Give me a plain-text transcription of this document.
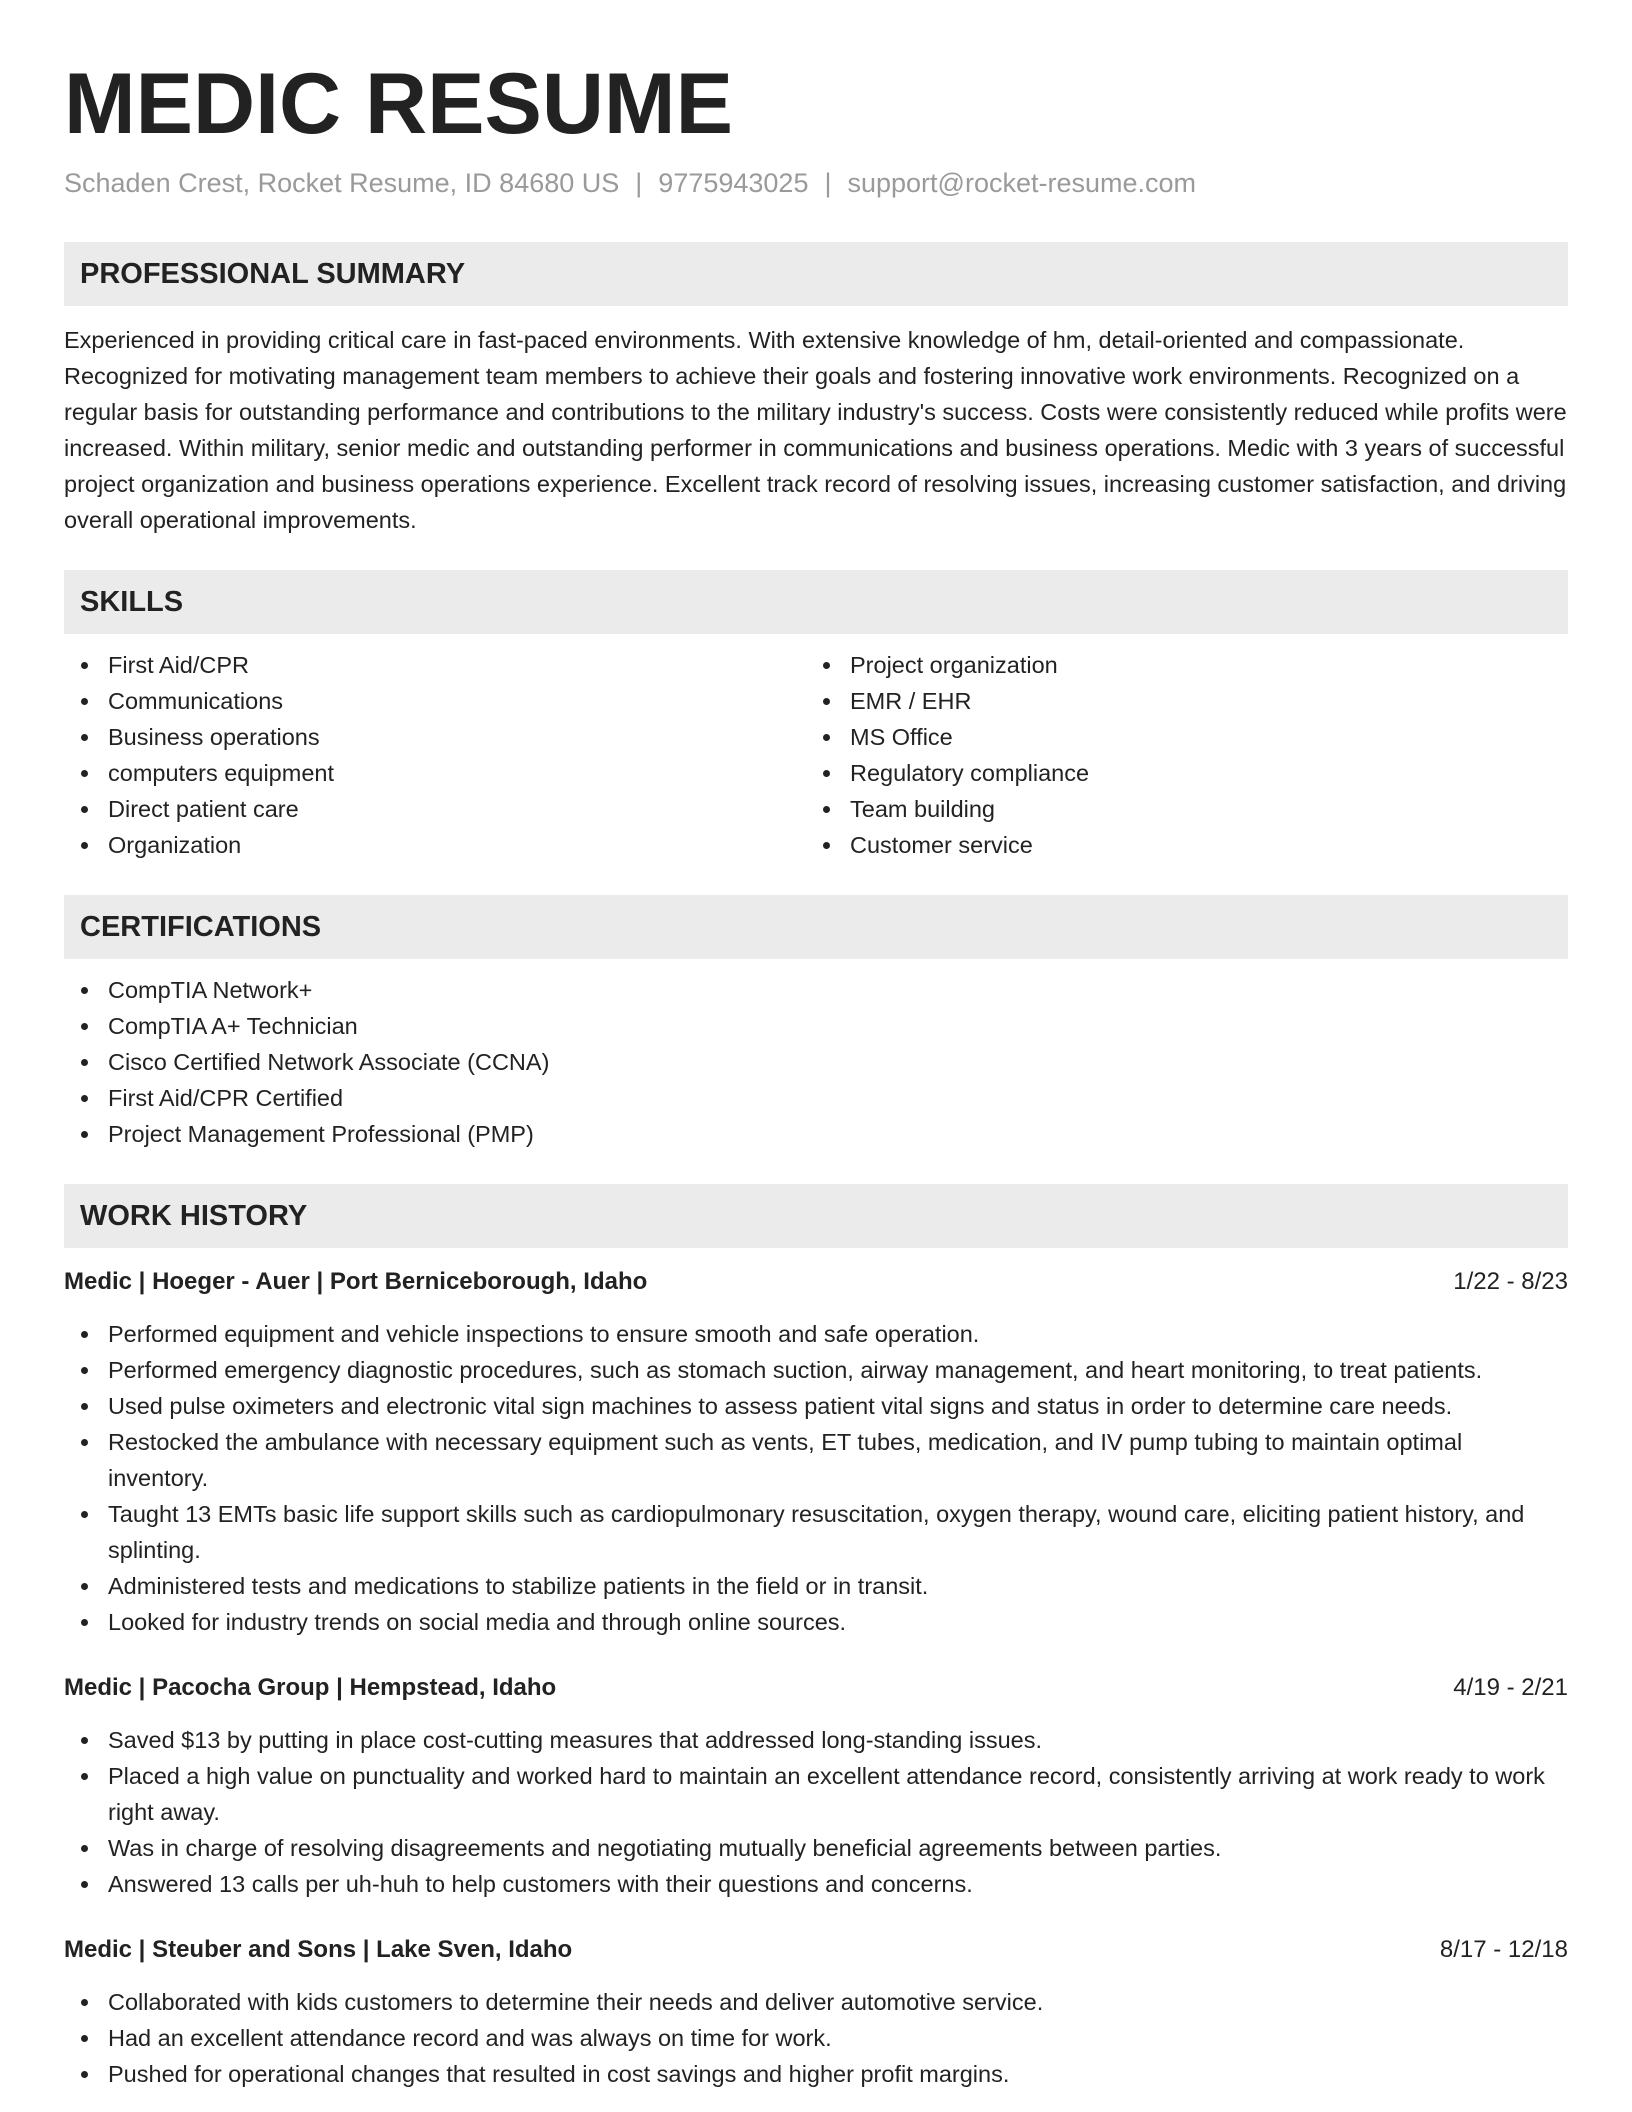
MEDIC RESUME
Schaden Crest, Rocket Resume, ID 84680 US | 9775943025 | support@rocket-resume.com
PROFESSIONAL SUMMARY

Experienced in providing critical care in fast-paced environments. With extensive knowledge of hm, detail-oriented and compassionate. Recognized for motivating management team members to achieve their goals and fostering innovative work environments. Recognized on a regular basis for outstanding performance and contributions to the military industry's success. Costs were consistently reduced while profits were increased. Within military, senior medic and outstanding performer in communications and business operations. Medic with 3 years of successful project organization and business operations experience. Excellent track record of resolving issues, increasing customer satisfaction, and driving overall operational improvements.

SKILLS
First Aid/CPR
Communications
Business operations
computers equipment
Direct patient care
Organization
Project organization
EMR / EHR
MS Office
Regulatory compliance
Team building
Customer service
CERTIFICATIONS
CompTIA Network+
CompTIA A+ Technician
Cisco Certified Network Associate (CCNA)
First Aid/CPR Certified
Project Management Professional (PMP)
WORK HISTORY
Medic | Hoeger - Auer | Port Berniceborough, Idaho	1/22 - 8/23
Performed equipment and vehicle inspections to ensure smooth and safe operation.
Performed emergency diagnostic procedures, such as stomach suction, airway management, and heart monitoring, to treat patients.
Used pulse oximeters and electronic vital sign machines to assess patient vital signs and status in order to determine care needs.
Restocked the ambulance with necessary equipment such as vents, ET tubes, medication, and IV pump tubing to maintain optimal inventory.
Taught 13 EMTs basic life support skills such as cardiopulmonary resuscitation, oxygen therapy, wound care, eliciting patient history, and splinting.
Administered tests and medications to stabilize patients in the field or in transit.
Looked for industry trends on social media and through online sources.
Medic | Pacocha Group | Hempstead, Idaho	4/19 - 2/21
Saved $13 by putting in place cost-cutting measures that addressed long-standing issues.
Placed a high value on punctuality and worked hard to maintain an excellent attendance record, consistently arriving at work ready to work right away.
Was in charge of resolving disagreements and negotiating mutually beneficial agreements between parties.
Answered 13 calls per uh-huh to help customers with their questions and concerns.
Medic | Steuber and Sons | Lake Sven, Idaho	8/17 - 12/18
Collaborated with kids customers to determine their needs and deliver automotive service.
Had an excellent attendance record and was always on time for work.
Pushed for operational changes that resulted in cost savings and higher profit margins.
